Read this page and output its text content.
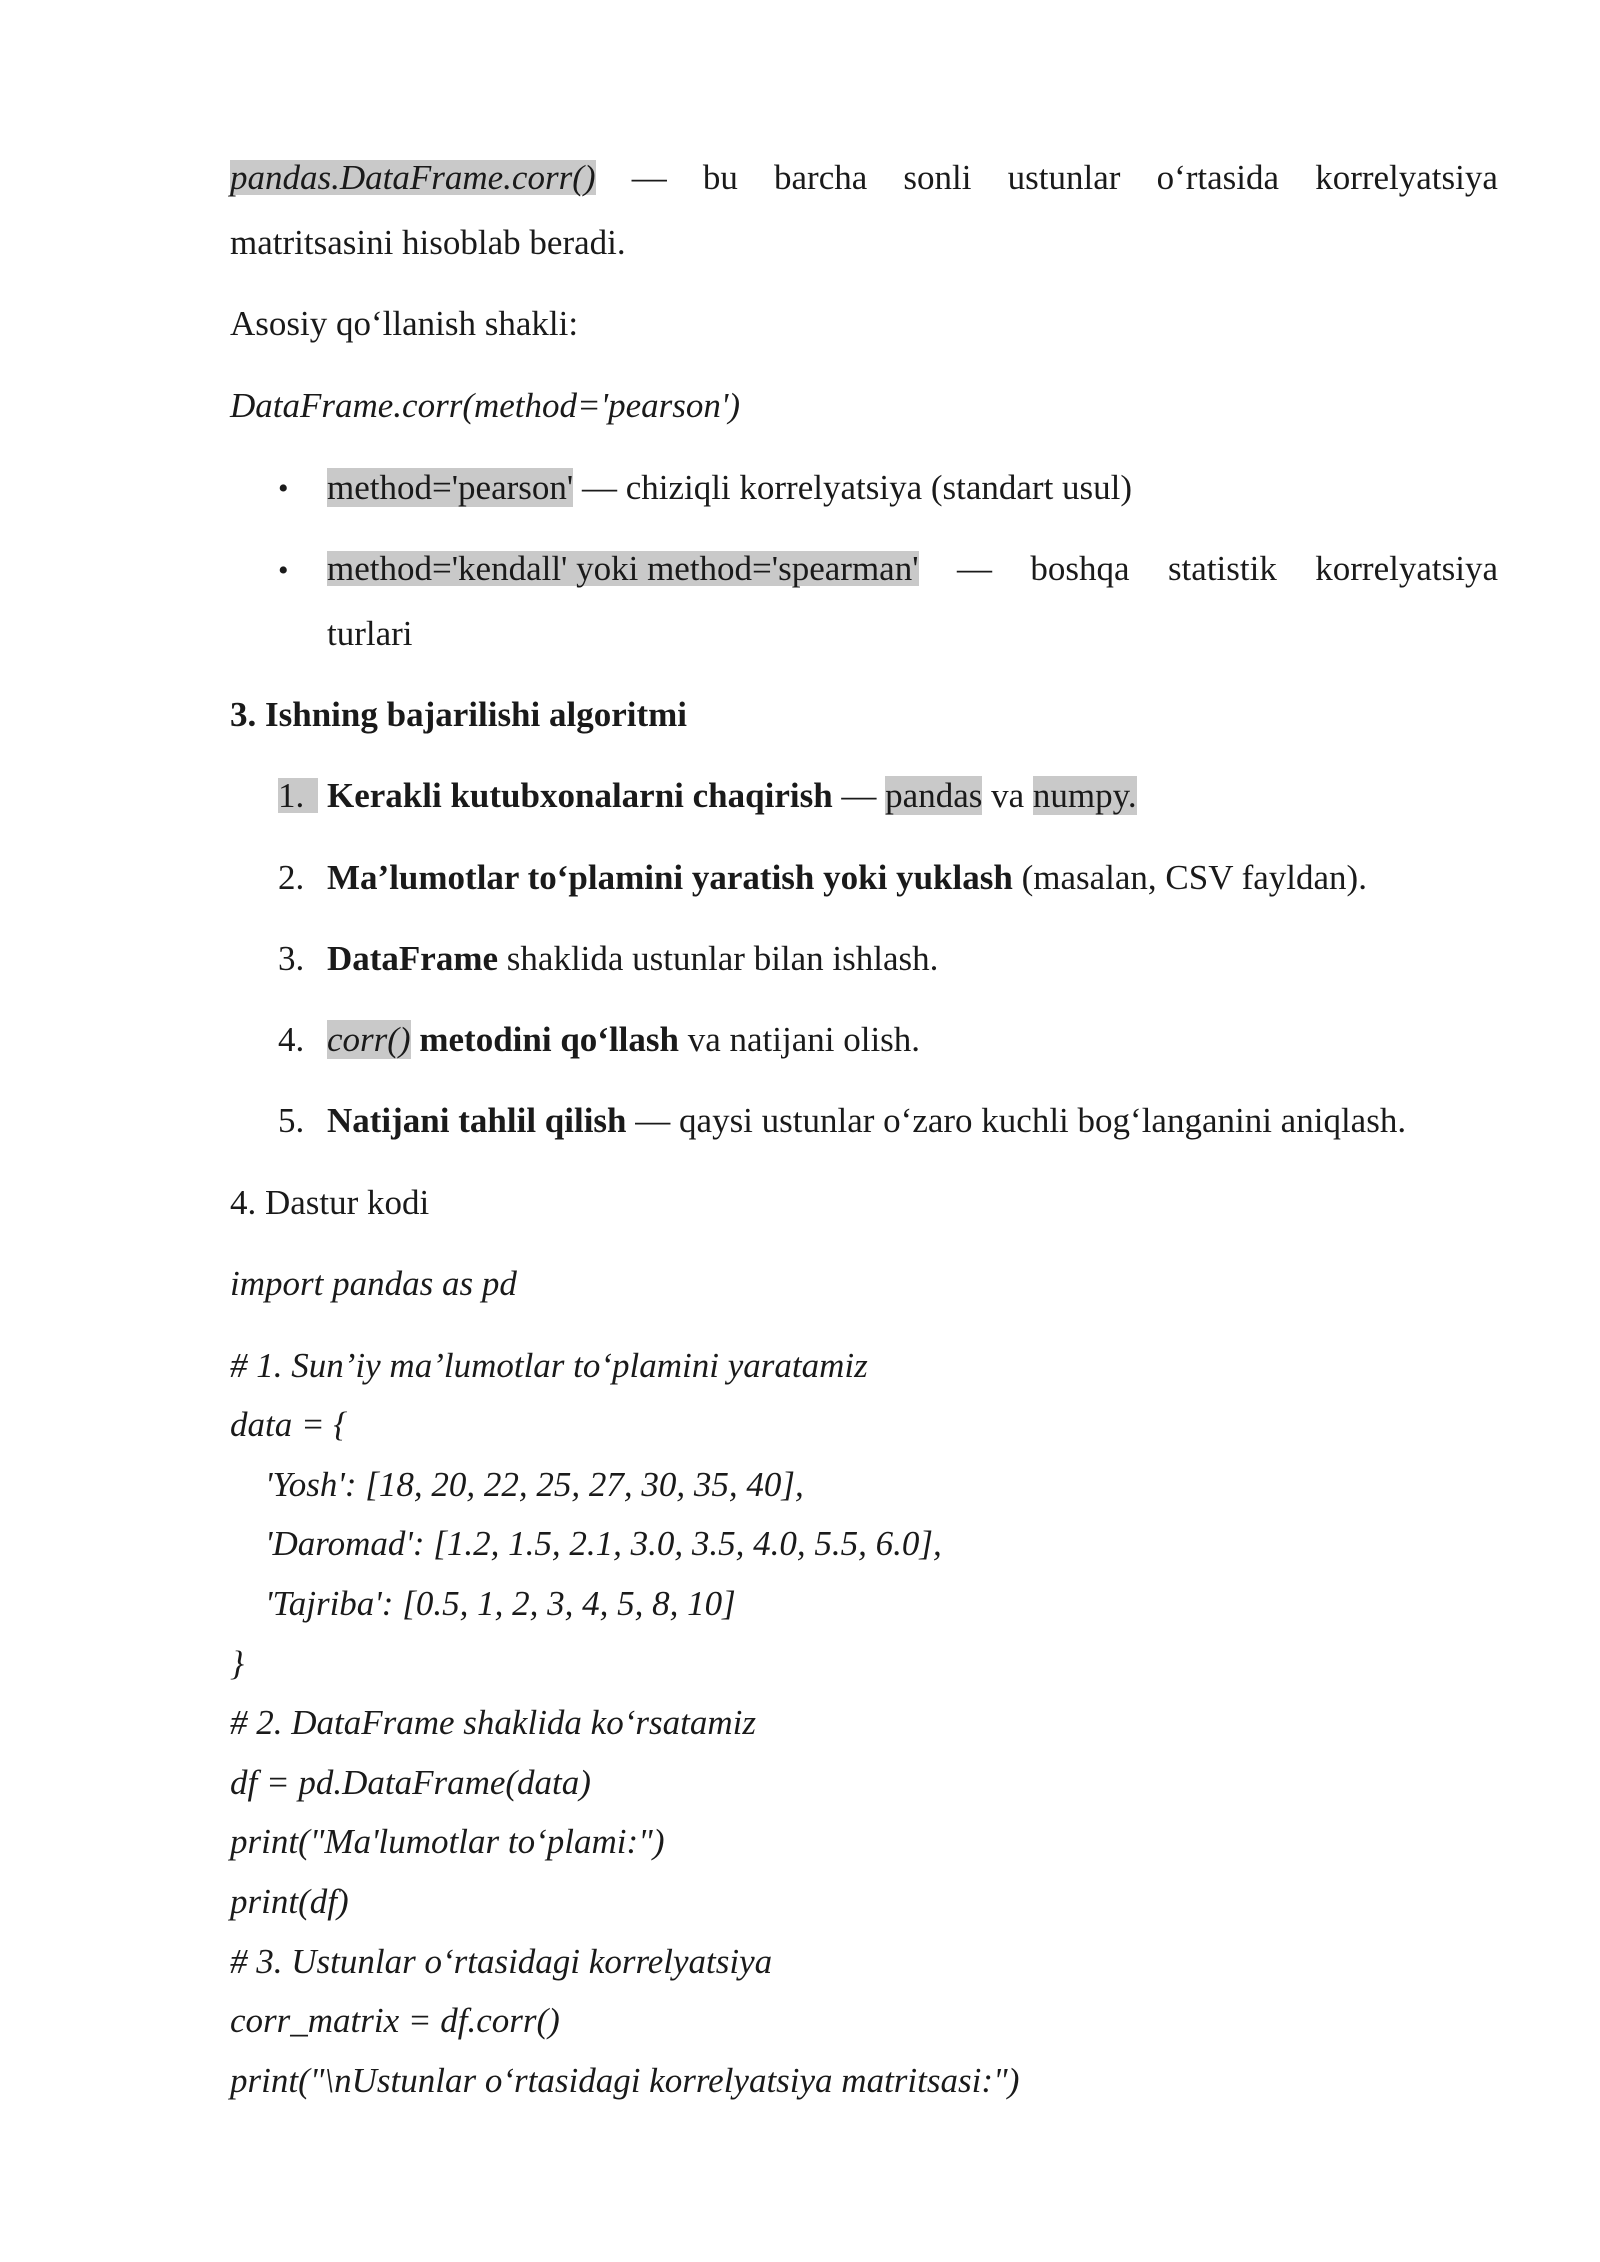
pandas.DataFrame.corr() — bu barcha sonli ustunlar o‘rtasida korrelyatsiya
matritsasini hisoblab beradi.
Asosiy qo‘llanish shakli:
DataFrame.corr(method='pearson')
• method='pearson' — chiziqli korrelyatsiya (standart usul)
• method='kendall' yoki method='spearman' — boshqa statistik korrelyatsiya
turlari
3. Ishning bajarilishi algoritmi
1. Kerakli kutubxonalarni chaqirish — pandas va numpy.
2. Ma’lumotlar to‘plamini yaratish yoki yuklash (masalan, CSV fayldan).
3. DataFrame shaklida ustunlar bilan ishlash.
4. corr() metodini qo‘llash va natijani olish.
5. Natijani tahlil qilish — qaysi ustunlar o‘zaro kuchli bog‘langanini aniqlash.
4. Dastur kodi
import pandas as pd
# 1. Sun’iy ma’lumotlar to‘plamini yaratamiz
data = {
'Yosh': [18, 20, 22, 25, 27, 30, 35, 40],
'Daromad': [1.2, 1.5, 2.1, 3.0, 3.5, 4.0, 5.5, 6.0],
'Tajriba': [0.5, 1, 2, 3, 4, 5, 8, 10]
}
# 2. DataFrame shaklida ko‘rsatamiz
df = pd.DataFrame(data)
print("Ma'lumotlar to‘plami:")
print(df)
# 3. Ustunlar o‘rtasidagi korrelyatsiya
corr_matrix = df.corr()
print("\nUstunlar o‘rtasidagi korrelyatsiya matritsasi:")
